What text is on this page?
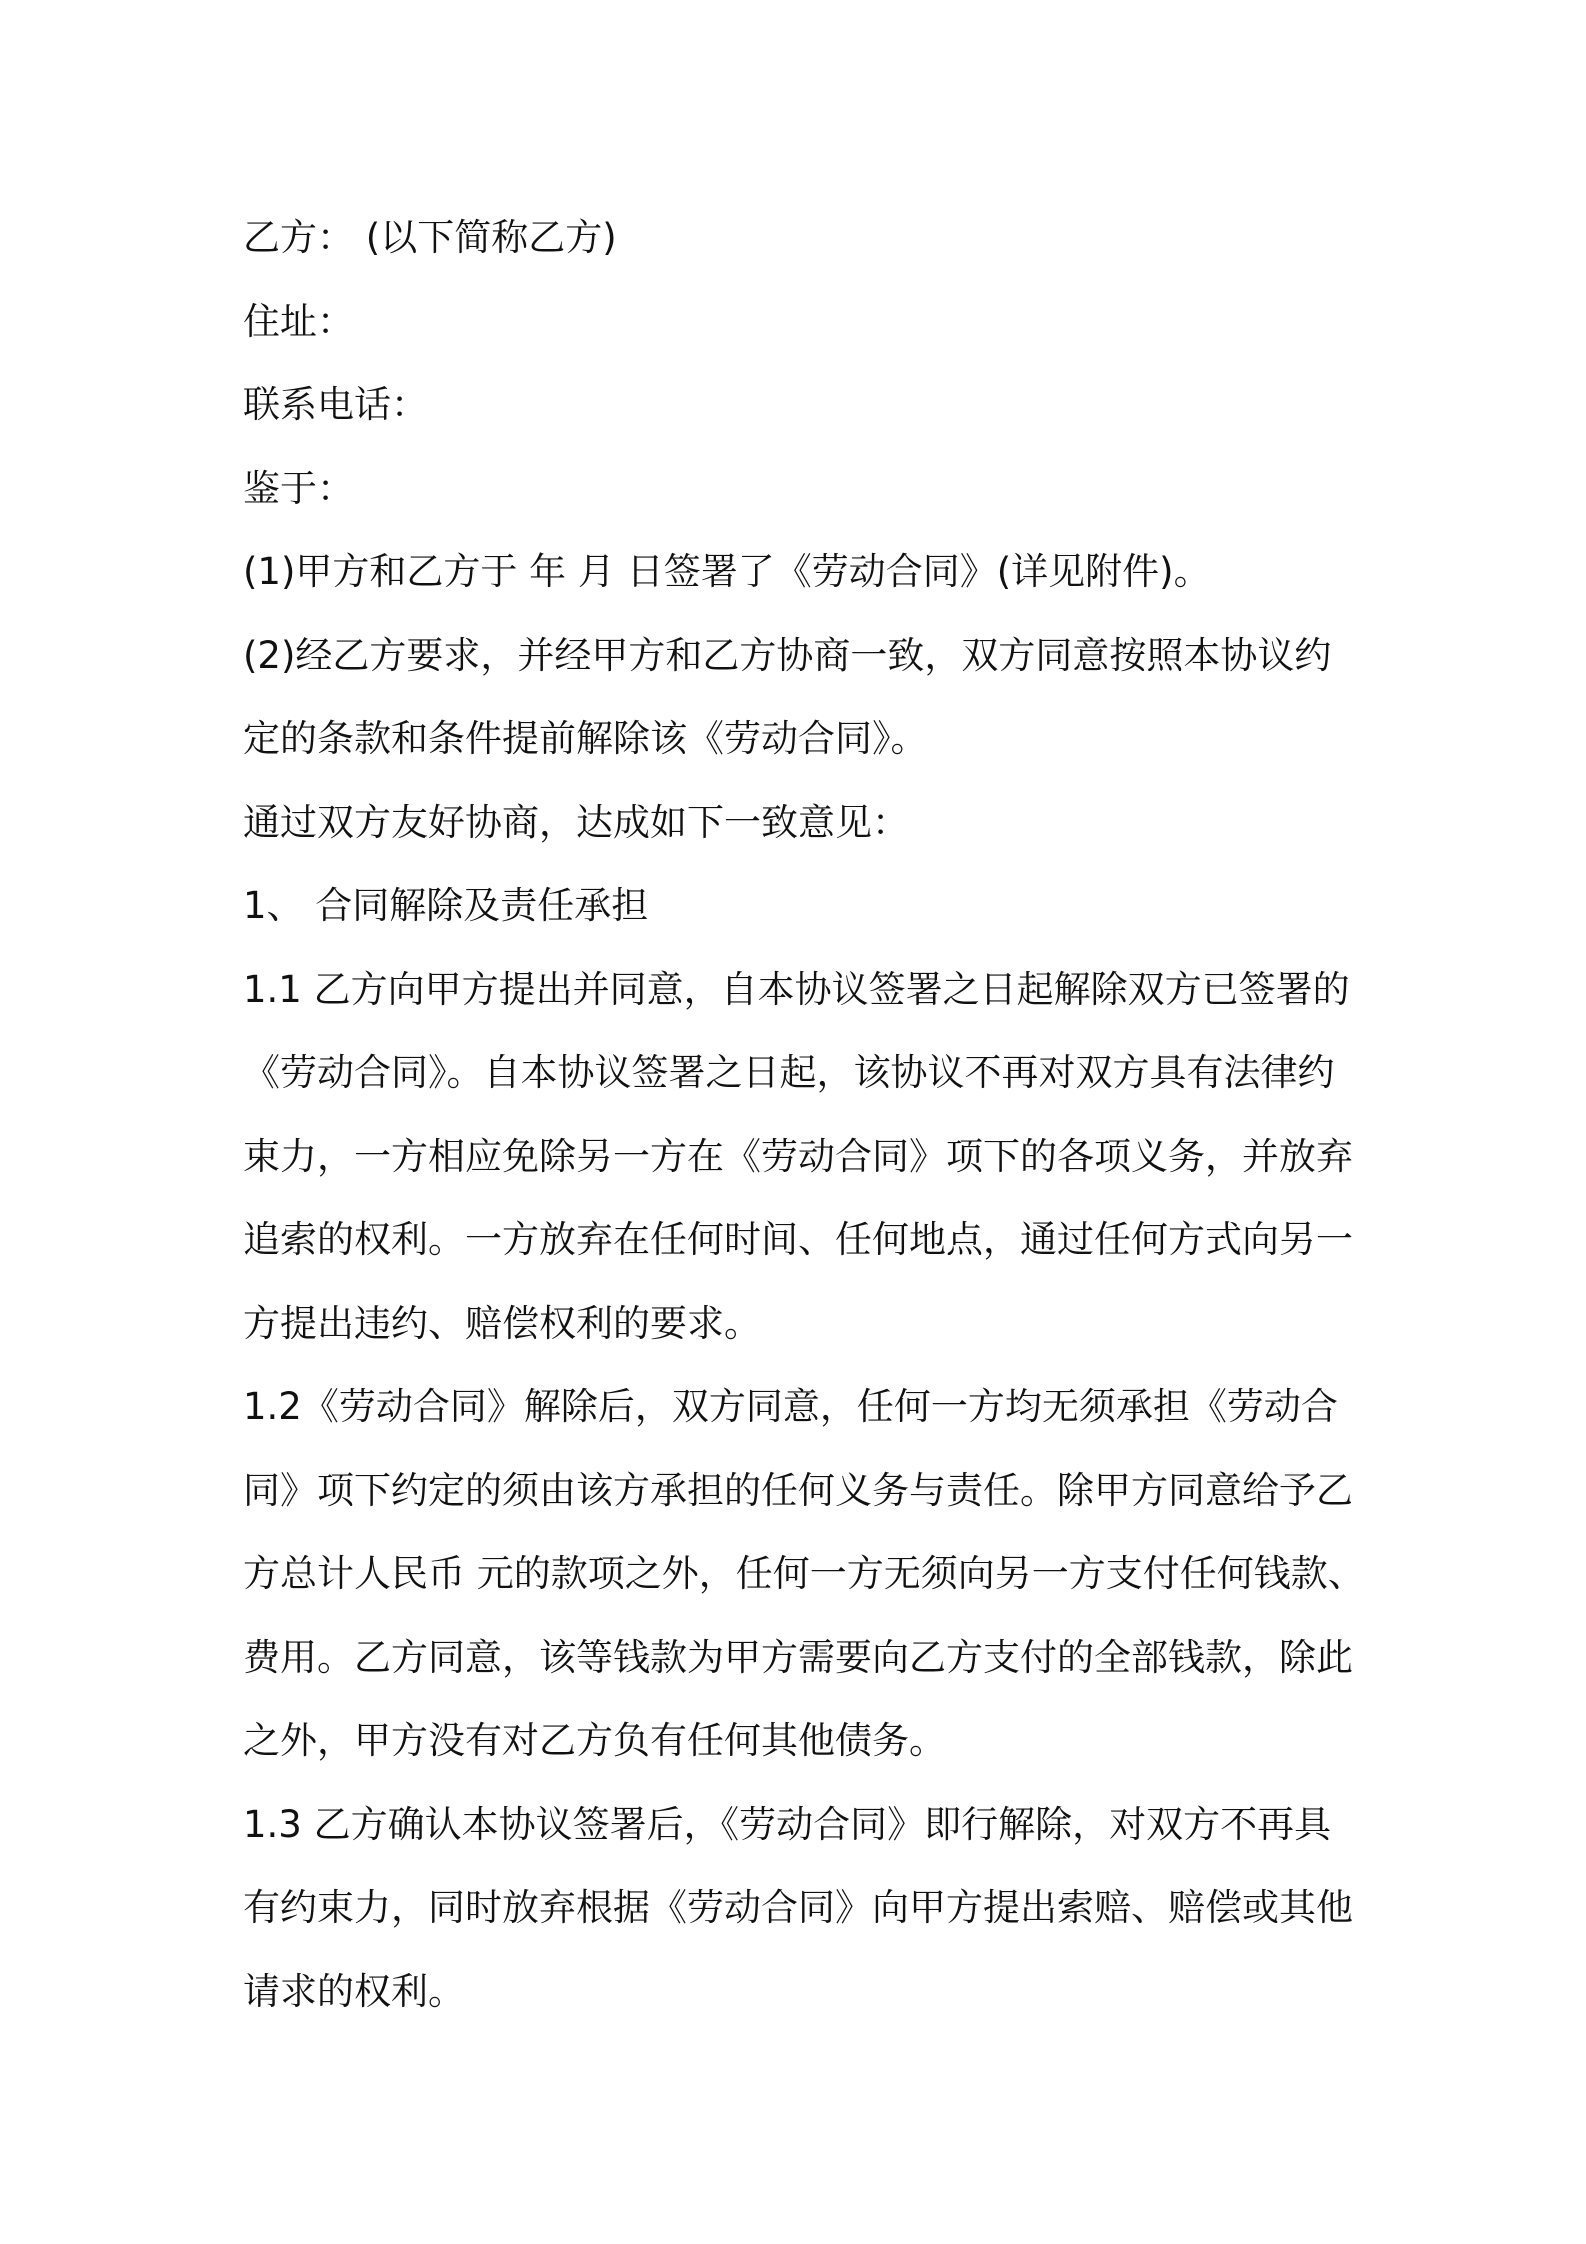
乙方： (以下简称乙方)
住址：
联系电话：
鉴于：
(1)甲方和乙方于 年 月 日签署了《劳动合同》(详见附件)。
(2)经乙方要求，并经甲方和乙方协商一致，双方同意按照本协议约
定的条款和条件提前解除该《劳动合同》。
通过双方友好协商，达成如下一致意见：
1、 合同解除及责任承担
1.1 乙方向甲方提出并同意，自本协议签署之日起解除双方已签署的
《劳动合同》。自本协议签署之日起，该协议不再对双方具有法律约
束力，一方相应免除另一方在《劳动合同》项下的各项义务，并放弃
追索的权利。一方放弃在任何时间、任何地点，通过任何方式向另一
方提出违约、赔偿权利的要求。
1.2《劳动合同》解除后，双方同意，任何一方均无须承担《劳动合
同》项下约定的须由该方承担的任何义务与责任。除甲方同意给予乙
方总计人民币 元的款项之外，任何一方无须向另一方支付任何钱款、
费用。乙方同意，该等钱款为甲方需要向乙方支付的全部钱款，除此
之外，甲方没有对乙方负有任何其他债务。
1.3 乙方确认本协议签署后，《劳动合同》即行解除，对双方不再具
有约束力，同时放弃根据《劳动合同》向甲方提出索赔、赔偿或其他
请求的权利。
